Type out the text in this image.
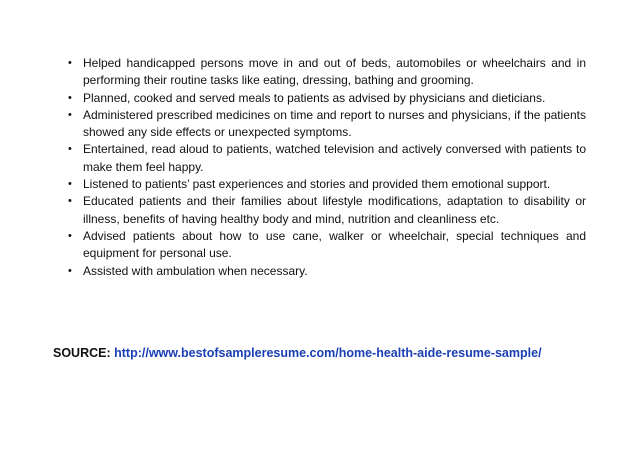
• Helped handicapped persons move in and out of beds, automobiles or wheelchairs and in performing their routine tasks like eating, dressing, bathing and grooming.
• Planned, cooked and served meals to patients as advised by physicians and dieticians.
• Administered prescribed medicines on time and report to nurses and physicians, if the patients showed any side effects or unexpected symptoms.
• Entertained, read aloud to patients, watched television and actively conversed with patients to make them feel happy.
• Listened to patients’ past experiences and stories and provided them emotional support.
• Educated patients and their families about lifestyle modifications, adaptation to disability or illness, benefits of having healthy body and mind, nutrition and cleanliness etc.
• Advised patients about how to use cane, walker or wheelchair, special techniques and equipment for personal use.
• Assisted with ambulation when necessary.
SOURCE: http://www.bestofsampleresume.com/home-health-aide-resume-sample/
